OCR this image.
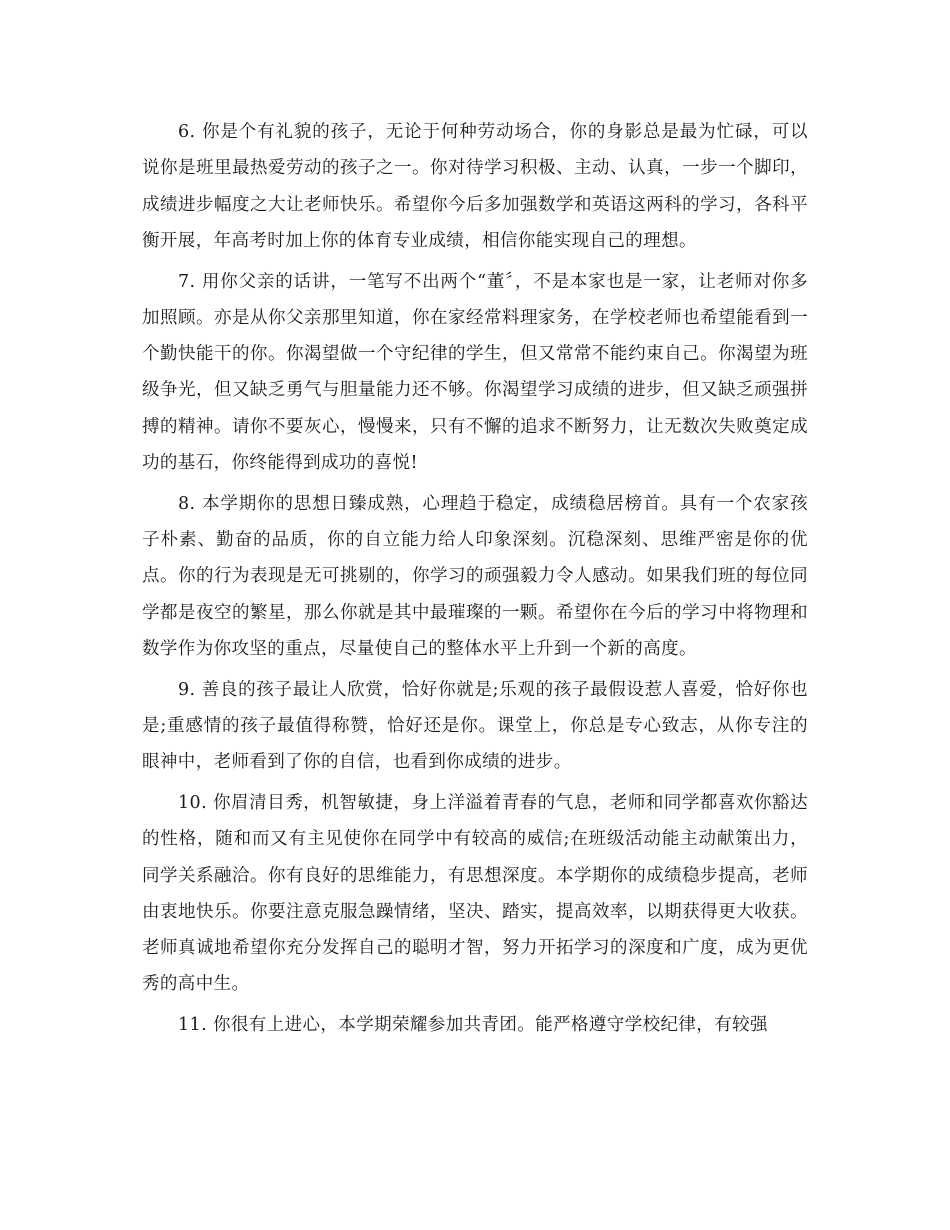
6. 你是个有礼貌的孩子，无论于何种劳动场合，你的身影总是最为忙碌，可以说你是班里最热爱劳动的孩子之一。你对待学习积极、主动、认真，一步一个脚印，成绩进步幅度之大让老师快乐。希望你今后多加强数学和英语这两科的学习，各科平衡开展，年高考时加上你的体育专业成绩，相信你能实现自己的理想。

7. 用你父亲的话讲，一笔写不出两个“董〞，不是本家也是一家，让老师对你多加照顾。亦是从你父亲那里知道，你在家经常料理家务，在学校老师也希望能看到一个勤快能干的你。你渴望做一个守纪律的学生，但又常常不能约束自己。你渴望为班级争光，但又缺乏勇气与胆量能力还不够。你渴望学习成绩的进步，但又缺乏顽强拼搏的精神。请你不要灰心，慢慢来，只有不懈的追求不断努力，让无数次失败奠定成功的基石，你终能得到成功的喜悦!

8. 本学期你的思想日臻成熟，心理趋于稳定，成绩稳居榜首。具有一个农家孩子朴素、勤奋的品质，你的自立能力给人印象深刻。沉稳深刻、思维严密是你的优点。你的行为表现是无可挑剔的，你学习的顽强毅力令人感动。如果我们班的每位同学都是夜空的繁星，那么你就是其中最璀璨的一颗。希望你在今后的学习中将物理和数学作为你攻坚的重点，尽量使自己的整体水平上升到一个新的高度。

9. 善良的孩子最让人欣赏，恰好你就是;乐观的孩子最假设惹人喜爱，恰好你也是;重感情的孩子最值得称赞，恰好还是你。课堂上，你总是专心致志，从你专注的眼神中，老师看到了你的自信，也看到你成绩的进步。

10. 你眉清目秀，机智敏捷，身上洋溢着青春的气息，老师和同学都喜欢你豁达的性格，随和而又有主见使你在同学中有较高的威信;在班级活动能主动献策出力，同学关系融洽。你有良好的思维能力，有思想深度。本学期你的成绩稳步提高，老师由衷地快乐。你要注意克服急躁情绪，坚决、踏实，提高效率，以期获得更大收获。老师真诚地希望你充分发挥自己的聪明才智，努力开拓学习的深度和广度，成为更优秀的高中生。

11. 你很有上进心，本学期荣耀参加共青团。能严格遵守学校纪律，有较强
